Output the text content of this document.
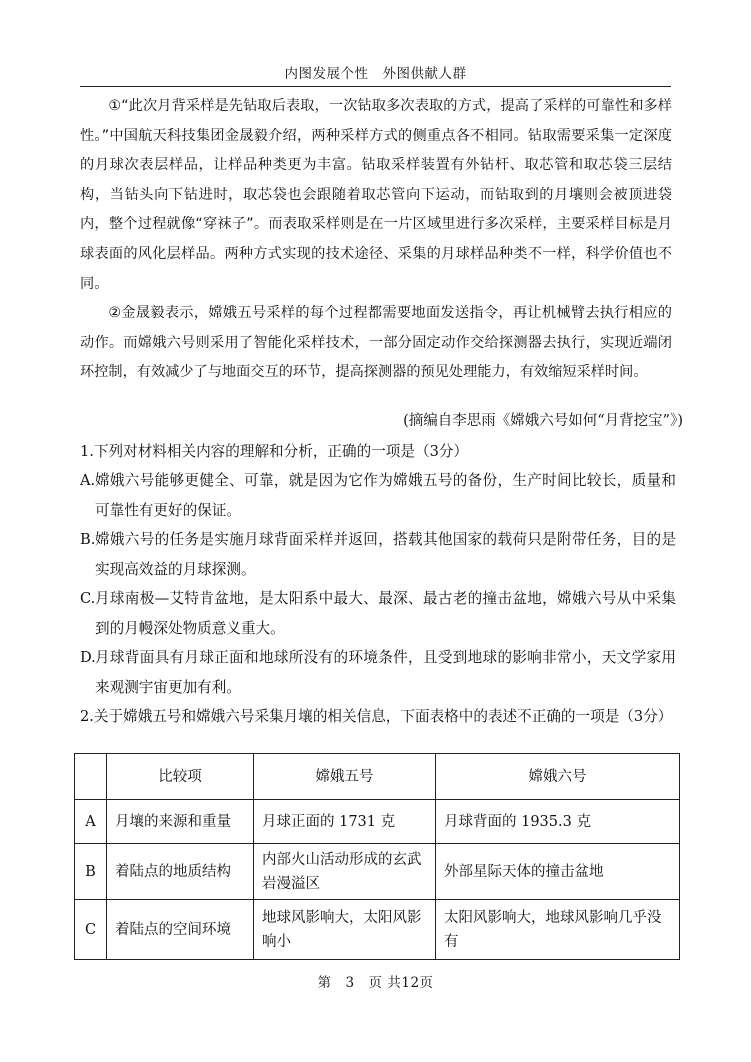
内图发展个性　外图供献人群

①“此次月背采样是先钻取后表取，一次钻取多次表取的方式，提高了采样的可靠性和多样性。”中国航天科技集团金晟毅介绍，两种采样方式的侧重点各不相同。钻取需要采集一定深度的月球次表层样品，让样品种类更为丰富。钻取采样装置有外钻杆、取芯管和取芯袋三层结构，当钻头向下钻进时，取芯袋也会跟随着取芯管向下运动，而钻取到的月壤则会被顶进袋内，整个过程就像“穿袜子”。而表取采样则是在一片区域里进行多次采样，主要采样目标是月球表面的风化层样品。两种方式实现的技术途径、采集的月球样品种类不一样，科学价值也不同。

②金晟毅表示，嫦娥五号采样的每个过程都需要地面发送指令，再让机械臂去执行相应的动作。而嫦娥六号则采用了智能化采样技术，一部分固定动作交给探测器去执行，实现近端闭环控制，有效减少了与地面交互的环节，提高探测器的预见处理能力，有效缩短采样时间。

(摘编自李思雨《嫦娥六号如何“月背挖宝”》)
1.下列对材料相关内容的理解和分析，正确的一项是（3分）
A. 嫦娥六号能够更健全、可靠，就是因为它作为嫦娥五号的备份，生产时间比较长，质量和可靠性有更好的保证。
B. 嫦娥六号的任务是实施月球背面采样并返回，搭载其他国家的载荷只是附带任务，目的是实现高效益的月球探测。
C. 月球南极—艾特肯盆地，是太阳系中最大、最深、最古老的撞击盆地，嫦娥六号从中采集到的月幔深处物质意义重大。
D. 月球背面具有月球正面和地球所没有的环境条件，且受到地球的影响非常小，天文学家用来观测宇宙更加有利。
2.关于嫦娥五号和嫦娥六号采集月壤的相关信息，下面表格中的表述不正确的一项是（3分）
	比较项	嫦娥五号	嫦娥六号
A	月壤的来源和重量	月球正面的 1731 克	月球背面的 1935.3 克
B	着陆点的地质结构	内部火山活动形成的玄武岩漫溢区	外部星际天体的撞击盆地
C	着陆点的空间环境	地球风影响大，太阳风影响小	太阳风影响大，地球风影响几乎没有
第　3　页 共12页
